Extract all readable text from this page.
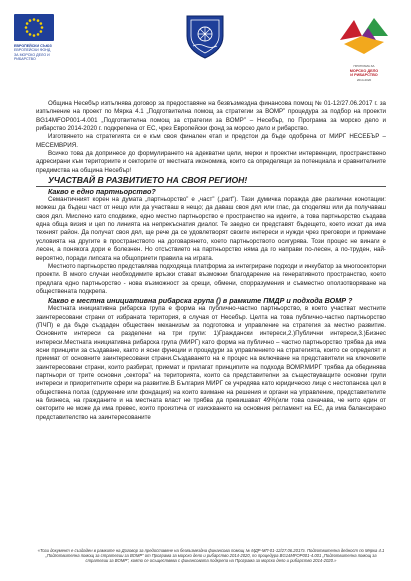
ЕВРОПЕЙСКИ СЪЮЗ
ЕВРОПЕЙСКИ ФОНД
ЗА МОРСКО ДЕЛО И РИБАРСТВО
ПРОГРАМА ЗА
МОРСКО ДЕЛО
И РИБАРСТВО
2014-2020

Община Несебър изпълнява договор за предоставяне на безвъзмездна финансова помощ № 01-12/27.06.2017 г. за изпълнение на проект по Мярка 4.1 „Подготвителна помощ за стратегии за ВОМР” процедура за подбор на проекти BG14MFOP001-4.001 „Подготвителна помощ за стратегии за ВОМР” – Несебър, по Програма за морско дело и рибарство 2014-2020 г. подкрепена от ЕС, чрез Европейски фонд за морско дело и рибарство.

Изготвянето на стратегията си е към своя финален етап и предстои да бъде одобрена от МИРГ НЕСЕБЪР – МЕСЕМВРИЯ.

Всичко това да допринесе до формулирането на адекватни цели, мерки и проектни интервенции, пространствено адресирани към териториите и секторите от местната икономика, които са определящи за потенциала и сравнителните предимства на община Несебър!

УЧАСТВАЙ В РАЗВИТИЕТО НА СВОЯ РЕГИОН!

Какво е едно партньорство?

Семантичният корен на думата „партньорство” е „част” („part”). Тази думичка поражда две различни конотации: можеш да бъдеш част от нещо или да участваш в нещо; да даваш своя дял или глас, да споделяш или да получаваш своя дял. Мислено като сподвиже, едно местно партньорство е пространство на идеите, а това партньорство създава една обща визия и цел по линията на непрекъснатия диалог. Те заедно си представят бъдещето, което искат да има техният район. Да получат своя дял, ще рече да се удовлетворят своите интереси и нужди чрез преговори и приемане условията на другите в пространството на договарянето, което партньорството осигурява. Този процес не винаги е лесен, а понякога дори е болезнен. Но отсъствието на партньорство няма да го направи по-лесен, а по-труден, най-вероятно, поради липсата на общоприети правила на играта.

Местното партньорство представлява подходяща платформа за интегриране подходи и инкубатор за многосекторни проекти. В много случаи необходимите връзки стават възможни благодарение на генеративното пространство, което предлага едно партньорство - нова възможност за срещи, обмени, спорразумения и съвместно оползотворяване на обществената подкрепа.

Какво е местна инициативна рибарска група () в рамките ПМДР и подхода ВОМР ?

Местната инициативна рибарска група е форма на публично-частно партньорство, в което участват местните заинтересовани страни от избраната територия, в случая от Несебър. Целта на това публично-частно партньорство (ПЧП) е да бъде създаден обществен механизъм за подготовка и управление на стратегия за местно развитие. Основните интереси са разделени на три групи: 1)Граждански интереси,2.)Публични интереси,3.)Бизнес интереси.Местната инициативна рибарска група (МИРГ) като форма на публично – частно партньорство трябва да има ясни принципи за създаване, както и ясни функции и процедури за управлението на стратегията, които се определят и приемат от основните заинтересовани страни.Създаването на е процес на включване на представители на ключовите заинтересовани страни, които разбират, приемат и прилагат принципите на подхода ВОМР.МИРГ трябва да обединява партньори от трите основни „сектора” на територията, които са представителни за съществуващите основни групи интереси и приоритетните сфери на развитие.В България МИРГ се учредява като юридическо лице с нестопанска цел в обществена полза (сдружение или фондация) на които взимане на решения и органи на управление, представителите на бизнеса, на гражданите и на местната власт не трябва да превишават 49%(или това означава, че нито един от секторите не може да има превес, които произтича от изискването на основния регламент на ЕС, да има балансирано представителство на заинтересованите

«Този документ е създаден в рамките на Договор за предоставяне на безвъзмездна финансова помощ № МДР-МП-01-12/27.06.2017г. Подготвителна дейност по Мярка 4.1 „Подготвителна помощ за стратегии за ВОМР” от Програма за морско дело и рибарство 2014-2020, по процедура BG14MFOP001-4.001 „Подготвителна помощ за стратегии за ВОМР”, която се осъществява с финансовата подкрепа на Програма за морско дело и рибарство 2014-2020.»
